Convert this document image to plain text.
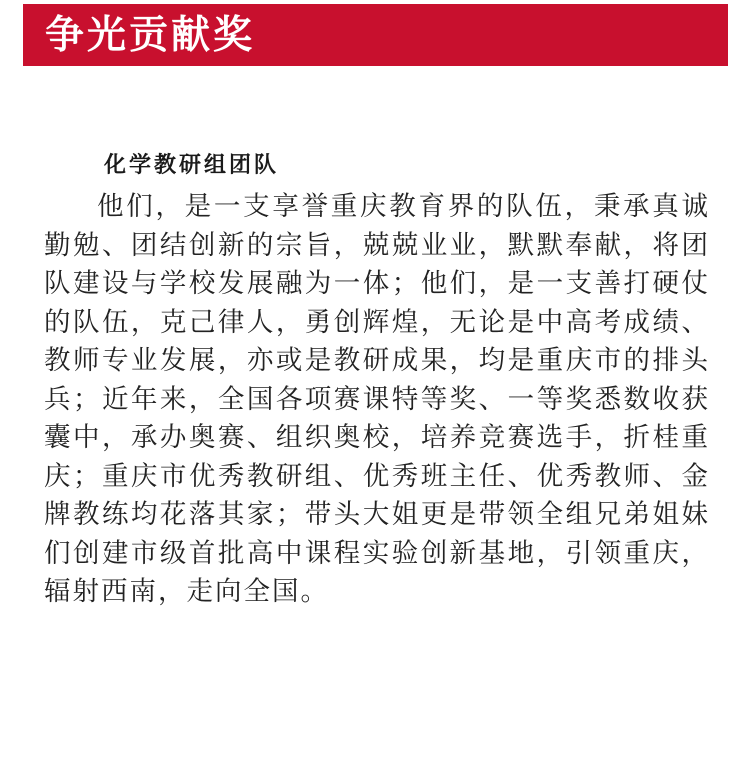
争光贡献奖
化学教研组团队

他们，是一支享誉重庆教育界的队伍，秉承真诚勤勉、团结创新的宗旨，兢兢业业，默默奉献，将团队建设与学校发展融为一体；他们，是一支善打硬仗的队伍，克己律人，勇创辉煌，无论是中高考成绩、教师专业发展，亦或是教研成果，均是重庆市的排头兵；近年来，全国各项赛课特等奖、一等奖悉数收获囊中，承办奥赛、组织奥校，培养竞赛选手，折桂重庆；重庆市优秀教研组、优秀班主任、优秀教师、金牌教练均花落其家；带头大姐更是带领全组兄弟姐妹们创建市级首批高中课程实验创新基地，引领重庆，辐射西南，走向全国。
